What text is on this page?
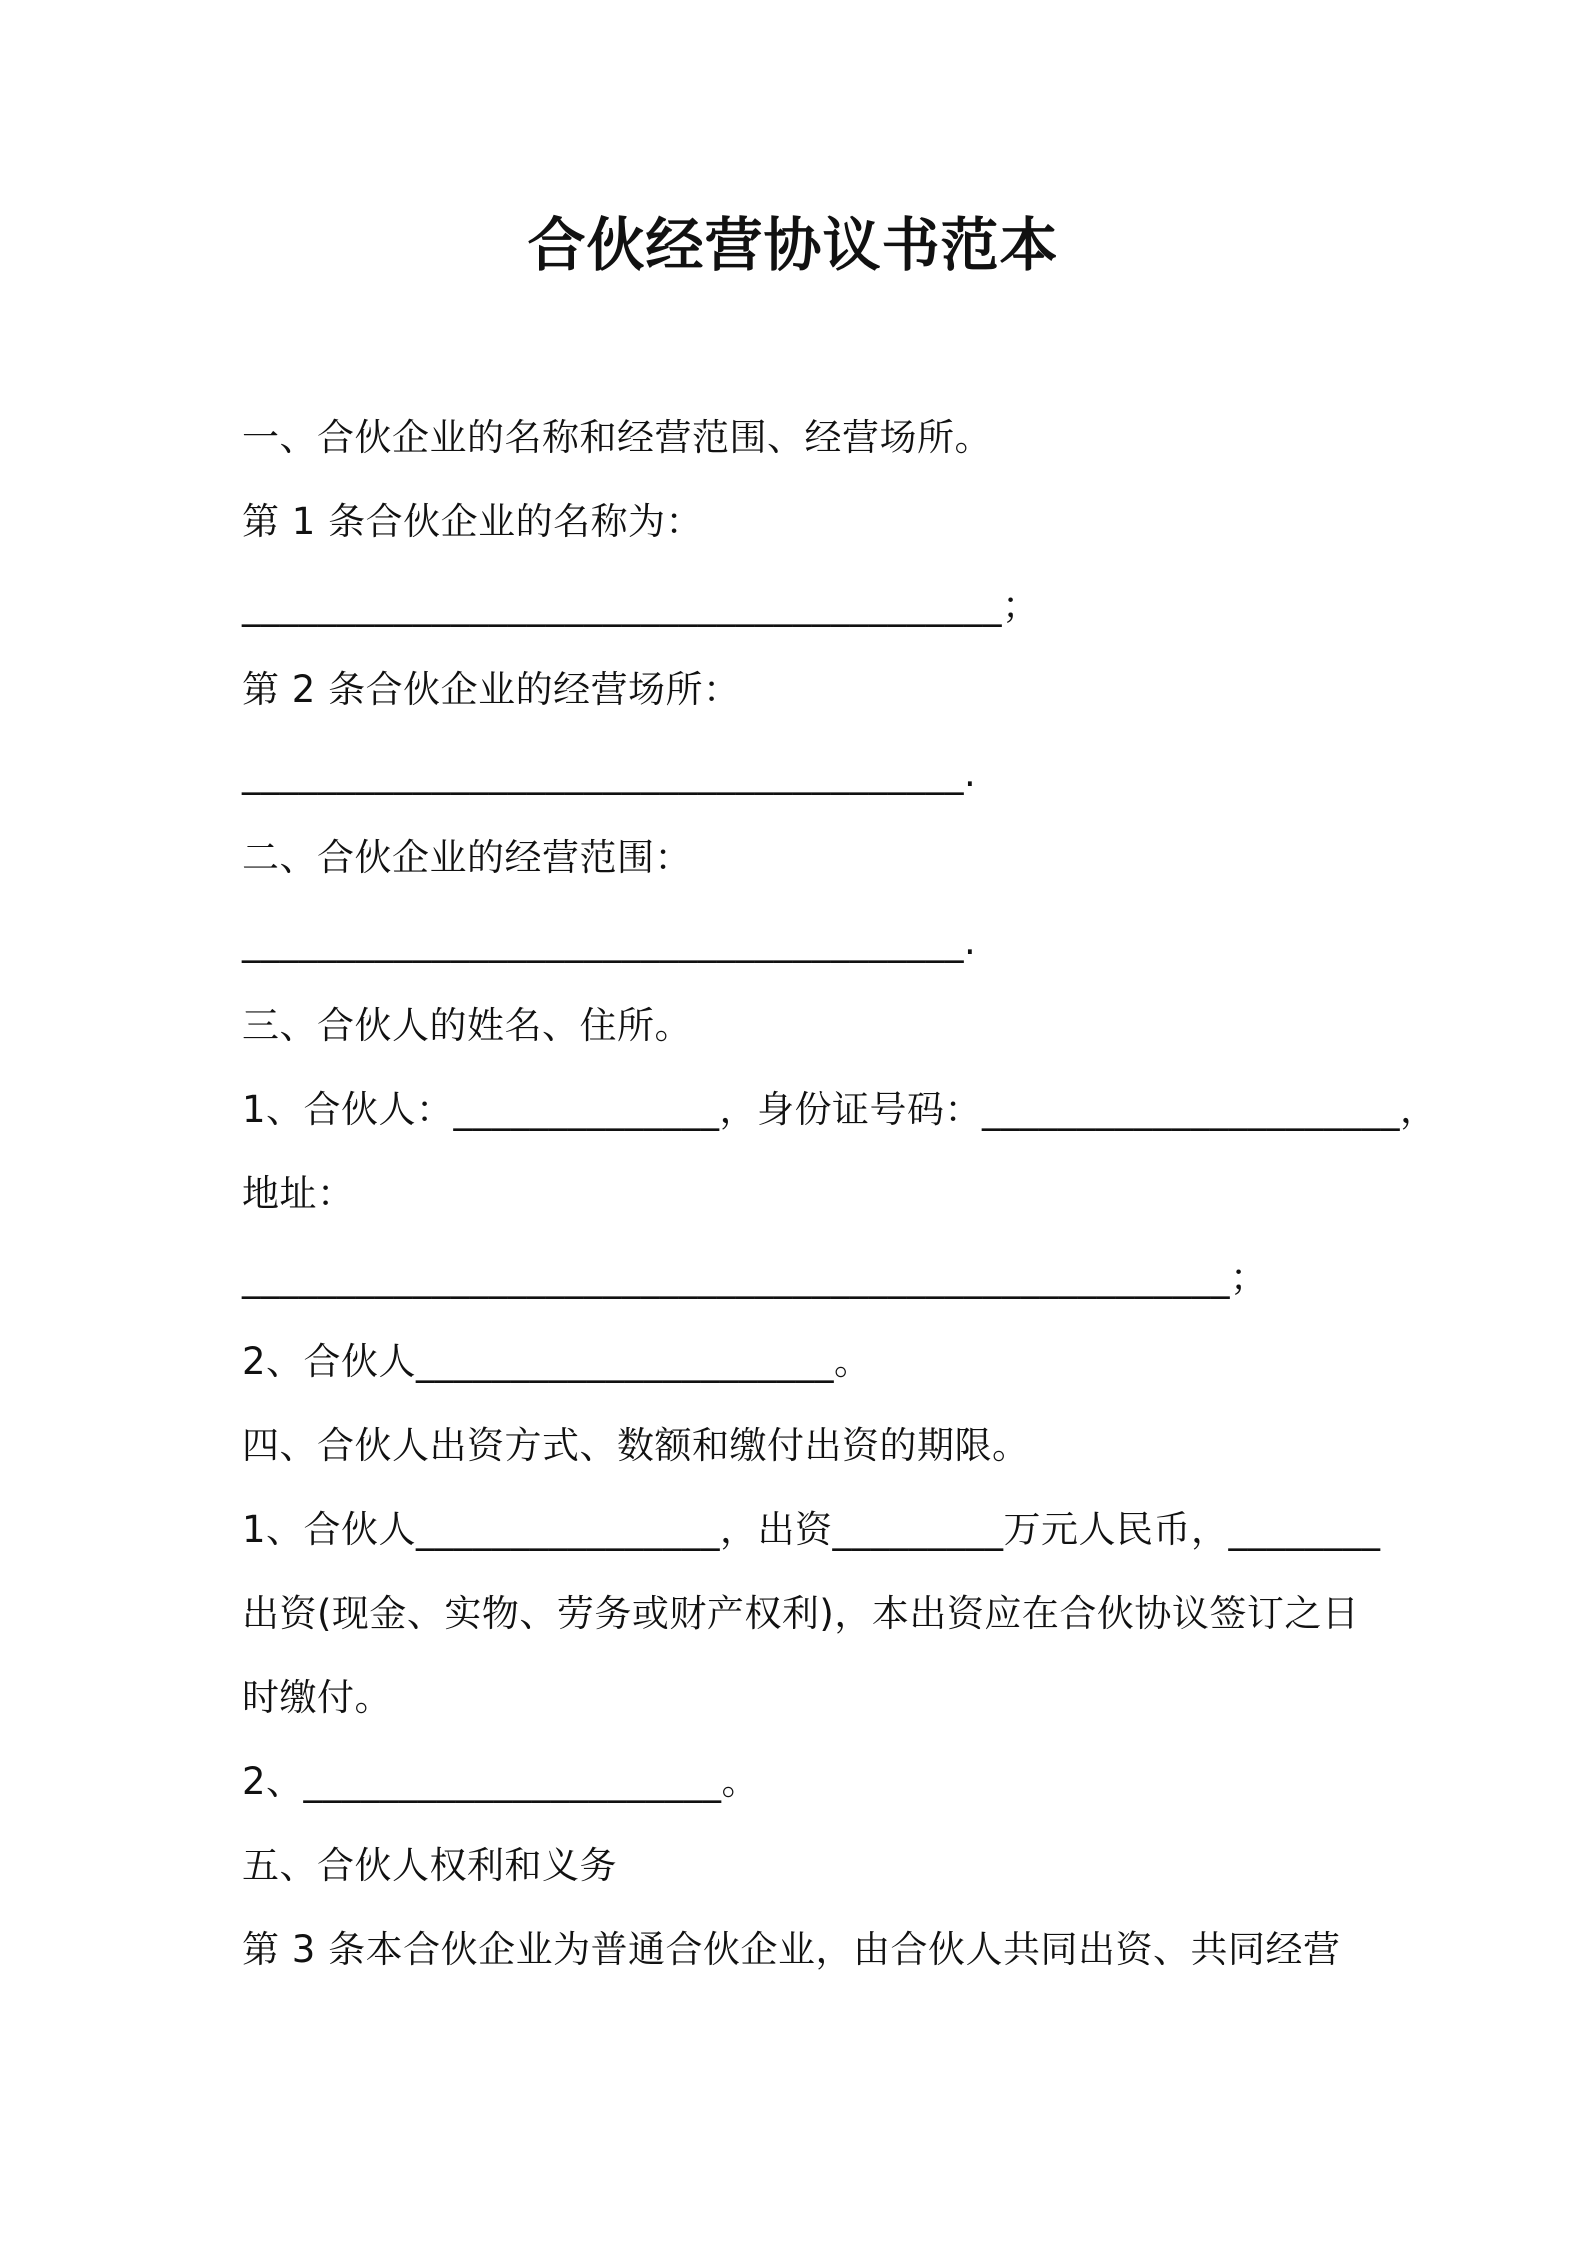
合伙经营协议书范本
一、合伙企业的名称和经营范围、经营场所。
第 1 条合伙企业的名称为：
________________________________________；
第 2 条合伙企业的经营场所：
______________________________________.
二、合伙企业的经营范围：
______________________________________.
三、合伙人的姓名、住所。
1、合伙人：______________，身份证号码：______________________，
地址：
____________________________________________________；
2、合伙人______________________。
四、合伙人出资方式、数额和缴付出资的期限。
1、合伙人________________，出资_________万元人民币，________
出资(现金、实物、劳务或财产权利)，本出资应在合伙协议签订之日
时缴付。
2、______________________。
五、合伙人权利和义务
第 3 条本合伙企业为普通合伙企业，由合伙人共同出资、共同经营
